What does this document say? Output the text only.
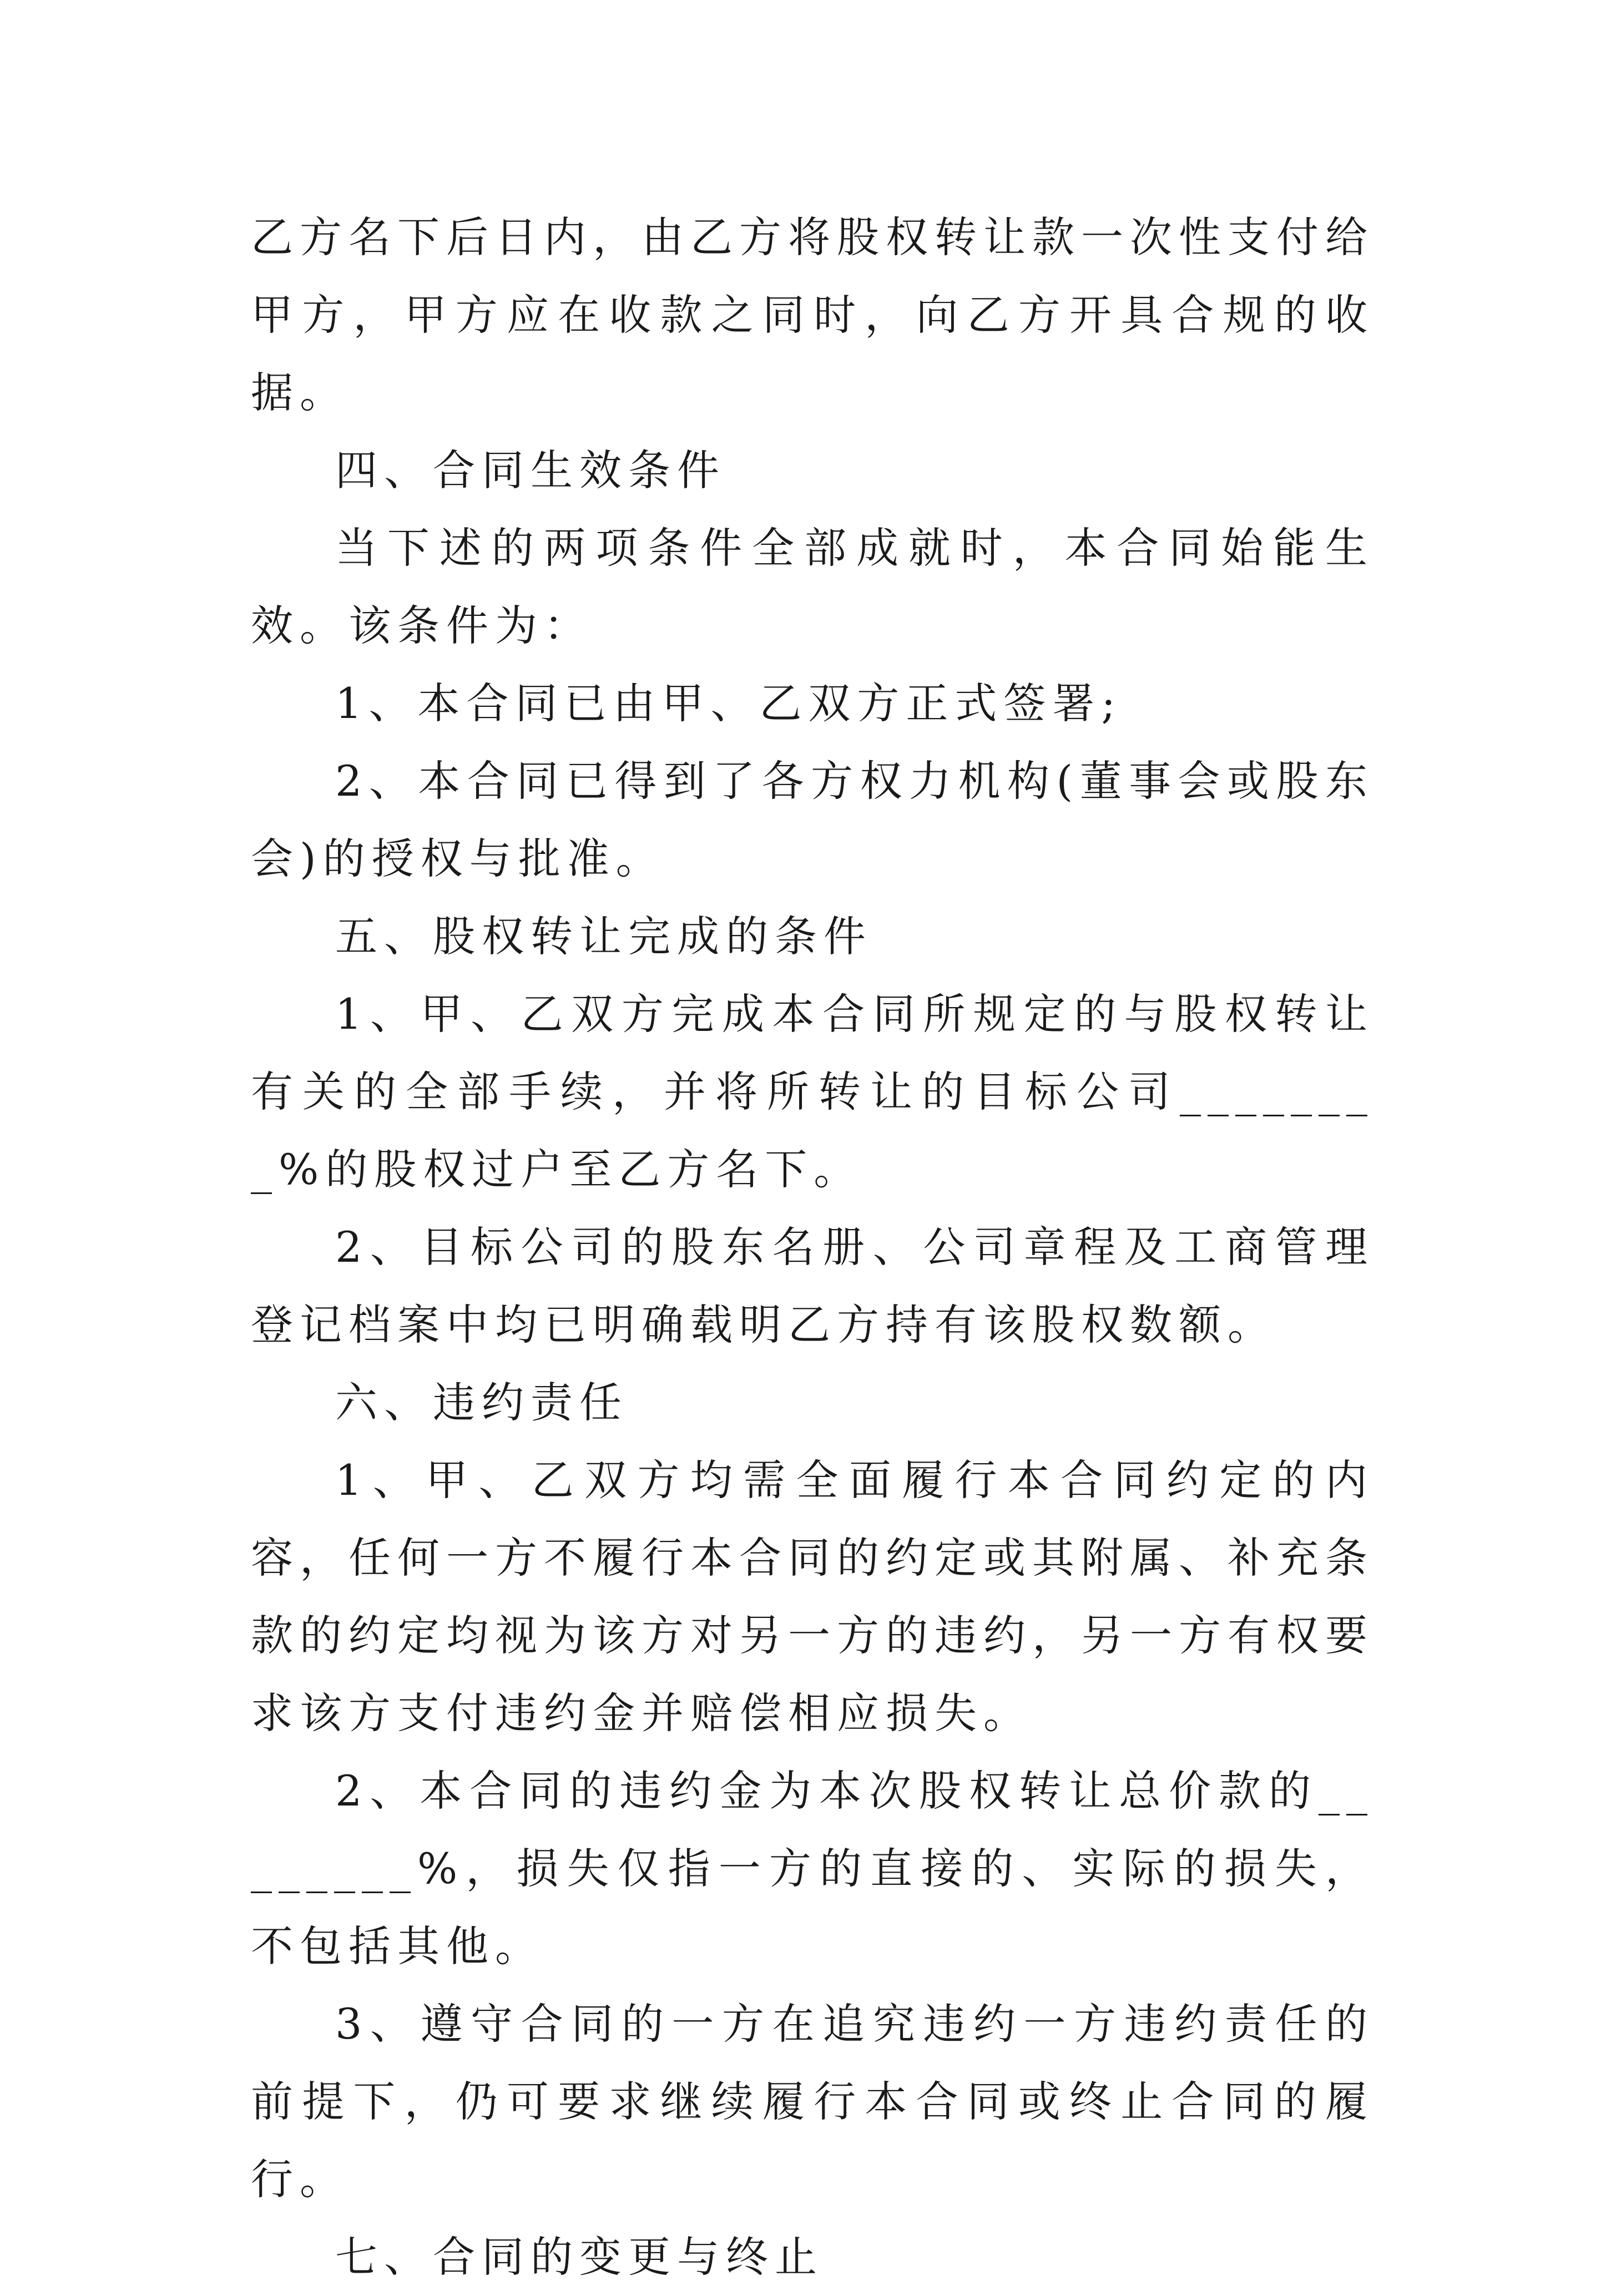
乙方名下后日内，由乙方将股权转让款一次性支付给甲方，甲方应在收款之同时，向乙方开具合规的收据。

四、合同生效条件

当下述的两项条件全部成就时，本合同始能生效。该条件为：

1、本合同已由甲、乙双方正式签署;

2、本合同已得到了各方权力机构(董事会或股东会)的授权与批准。

五、股权转让完成的条件

1、甲、乙双方完成本合同所规定的与股权转让有关的全部手续，并将所转让的目标公司________%的股权过户至乙方名下。

2、目标公司的股东名册、公司章程及工商管理登记档案中均已明确载明乙方持有该股权数额。

六、违约责任

1、甲、乙双方均需全面履行本合同约定的内容，任何一方不履行本合同的约定或其附属、补充条款的约定均视为该方对另一方的违约，另一方有权要求该方支付违约金并赔偿相应损失。

2、本合同的违约金为本次股权转让总价款的________%，损失仅指一方的直接的、实际的损失，不包括其他。

3、遵守合同的一方在追究违约一方违约责任的前提下，仍可要求继续履行本合同或终止合同的履行。

七、合同的变更与终止
